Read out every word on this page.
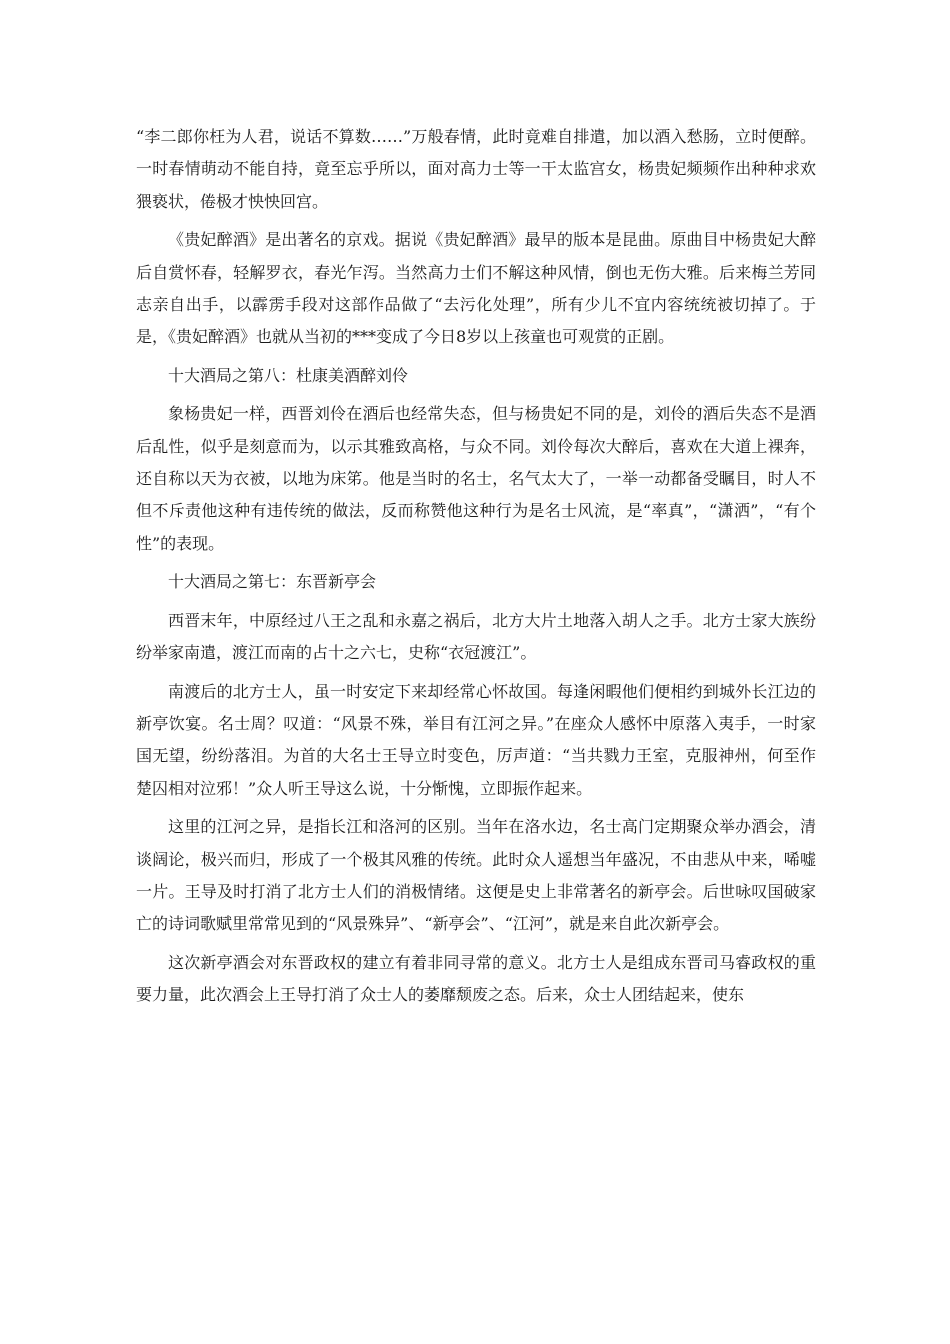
“李二郎你枉为人君，说话不算数……”万般春情，此时竟难自排遣，加以酒入愁肠，立时便醉。一时春情萌动不能自持，竟至忘乎所以，面对高力士等一干太监宫女，杨贵妃频频作出种种求欢猥亵状，倦极才怏怏回宫。

《贵妃醉酒》是出著名的京戏。据说《贵妃醉酒》最早的版本是昆曲。原曲目中杨贵妃大醉后自赏怀春，轻解罗衣，春光乍泻。当然高力士们不解这种风情，倒也无伤大雅。后来梅兰芳同志亲自出手，以霹雳手段对这部作品做了“去污化处理”，所有少儿不宜内容统统被切掉了。于是，《贵妃醉酒》也就从当初的***变成了今日8岁以上孩童也可观赏的正剧。

十大酒局之第八：杜康美酒醉刘伶

象杨贵妃一样，西晋刘伶在酒后也经常失态，但与杨贵妃不同的是，刘伶的酒后失态不是酒后乱性，似乎是刻意而为，以示其雅致高格，与众不同。刘伶每次大醉后，喜欢在大道上裸奔，还自称以天为衣被，以地为床笫。他是当时的名士，名气太大了，一举一动都备受瞩目，时人不但不斥责他这种有违传统的做法，反而称赞他这种行为是名士风流，是“率真”，“潇洒”，“有个性”的表现。

十大酒局之第七：东晋新亭会

西晋末年，中原经过八王之乱和永嘉之祸后，北方大片土地落入胡人之手。北方士家大族纷纷举家南遣，渡江而南的占十之六七，史称“衣冠渡江”。

南渡后的北方士人，虽一时安定下来却经常心怀故国。每逢闲暇他们便相约到城外长江边的新亭饮宴。名士周？叹道：“风景不殊，举目有江河之异。”在座众人感怀中原落入夷手，一时家国无望，纷纷落泪。为首的大名士王导立时变色，厉声道：“当共戮力王室，克服神州，何至作楚囚相对泣邪！”众人听王导这么说，十分惭愧，立即振作起来。

这里的江河之异，是指长江和洛河的区别。当年在洛水边，名士高门定期聚众举办酒会，清谈阔论，极兴而归，形成了一个极其风雅的传统。此时众人遥想当年盛况，不由悲从中来，唏嘘一片。王导及时打消了北方士人们的消极情绪。这便是史上非常著名的新亭会。后世咏叹国破家亡的诗词歌赋里常常见到的“风景殊异”、“新亭会”、“江河”，就是来自此次新亭会。

这次新亭酒会对东晋政权的建立有着非同寻常的意义。北方士人是组成东晋司马睿政权的重要力量，此次酒会上王导打消了众士人的萎靡颓废之态。后来，众士人团结起来，使东
